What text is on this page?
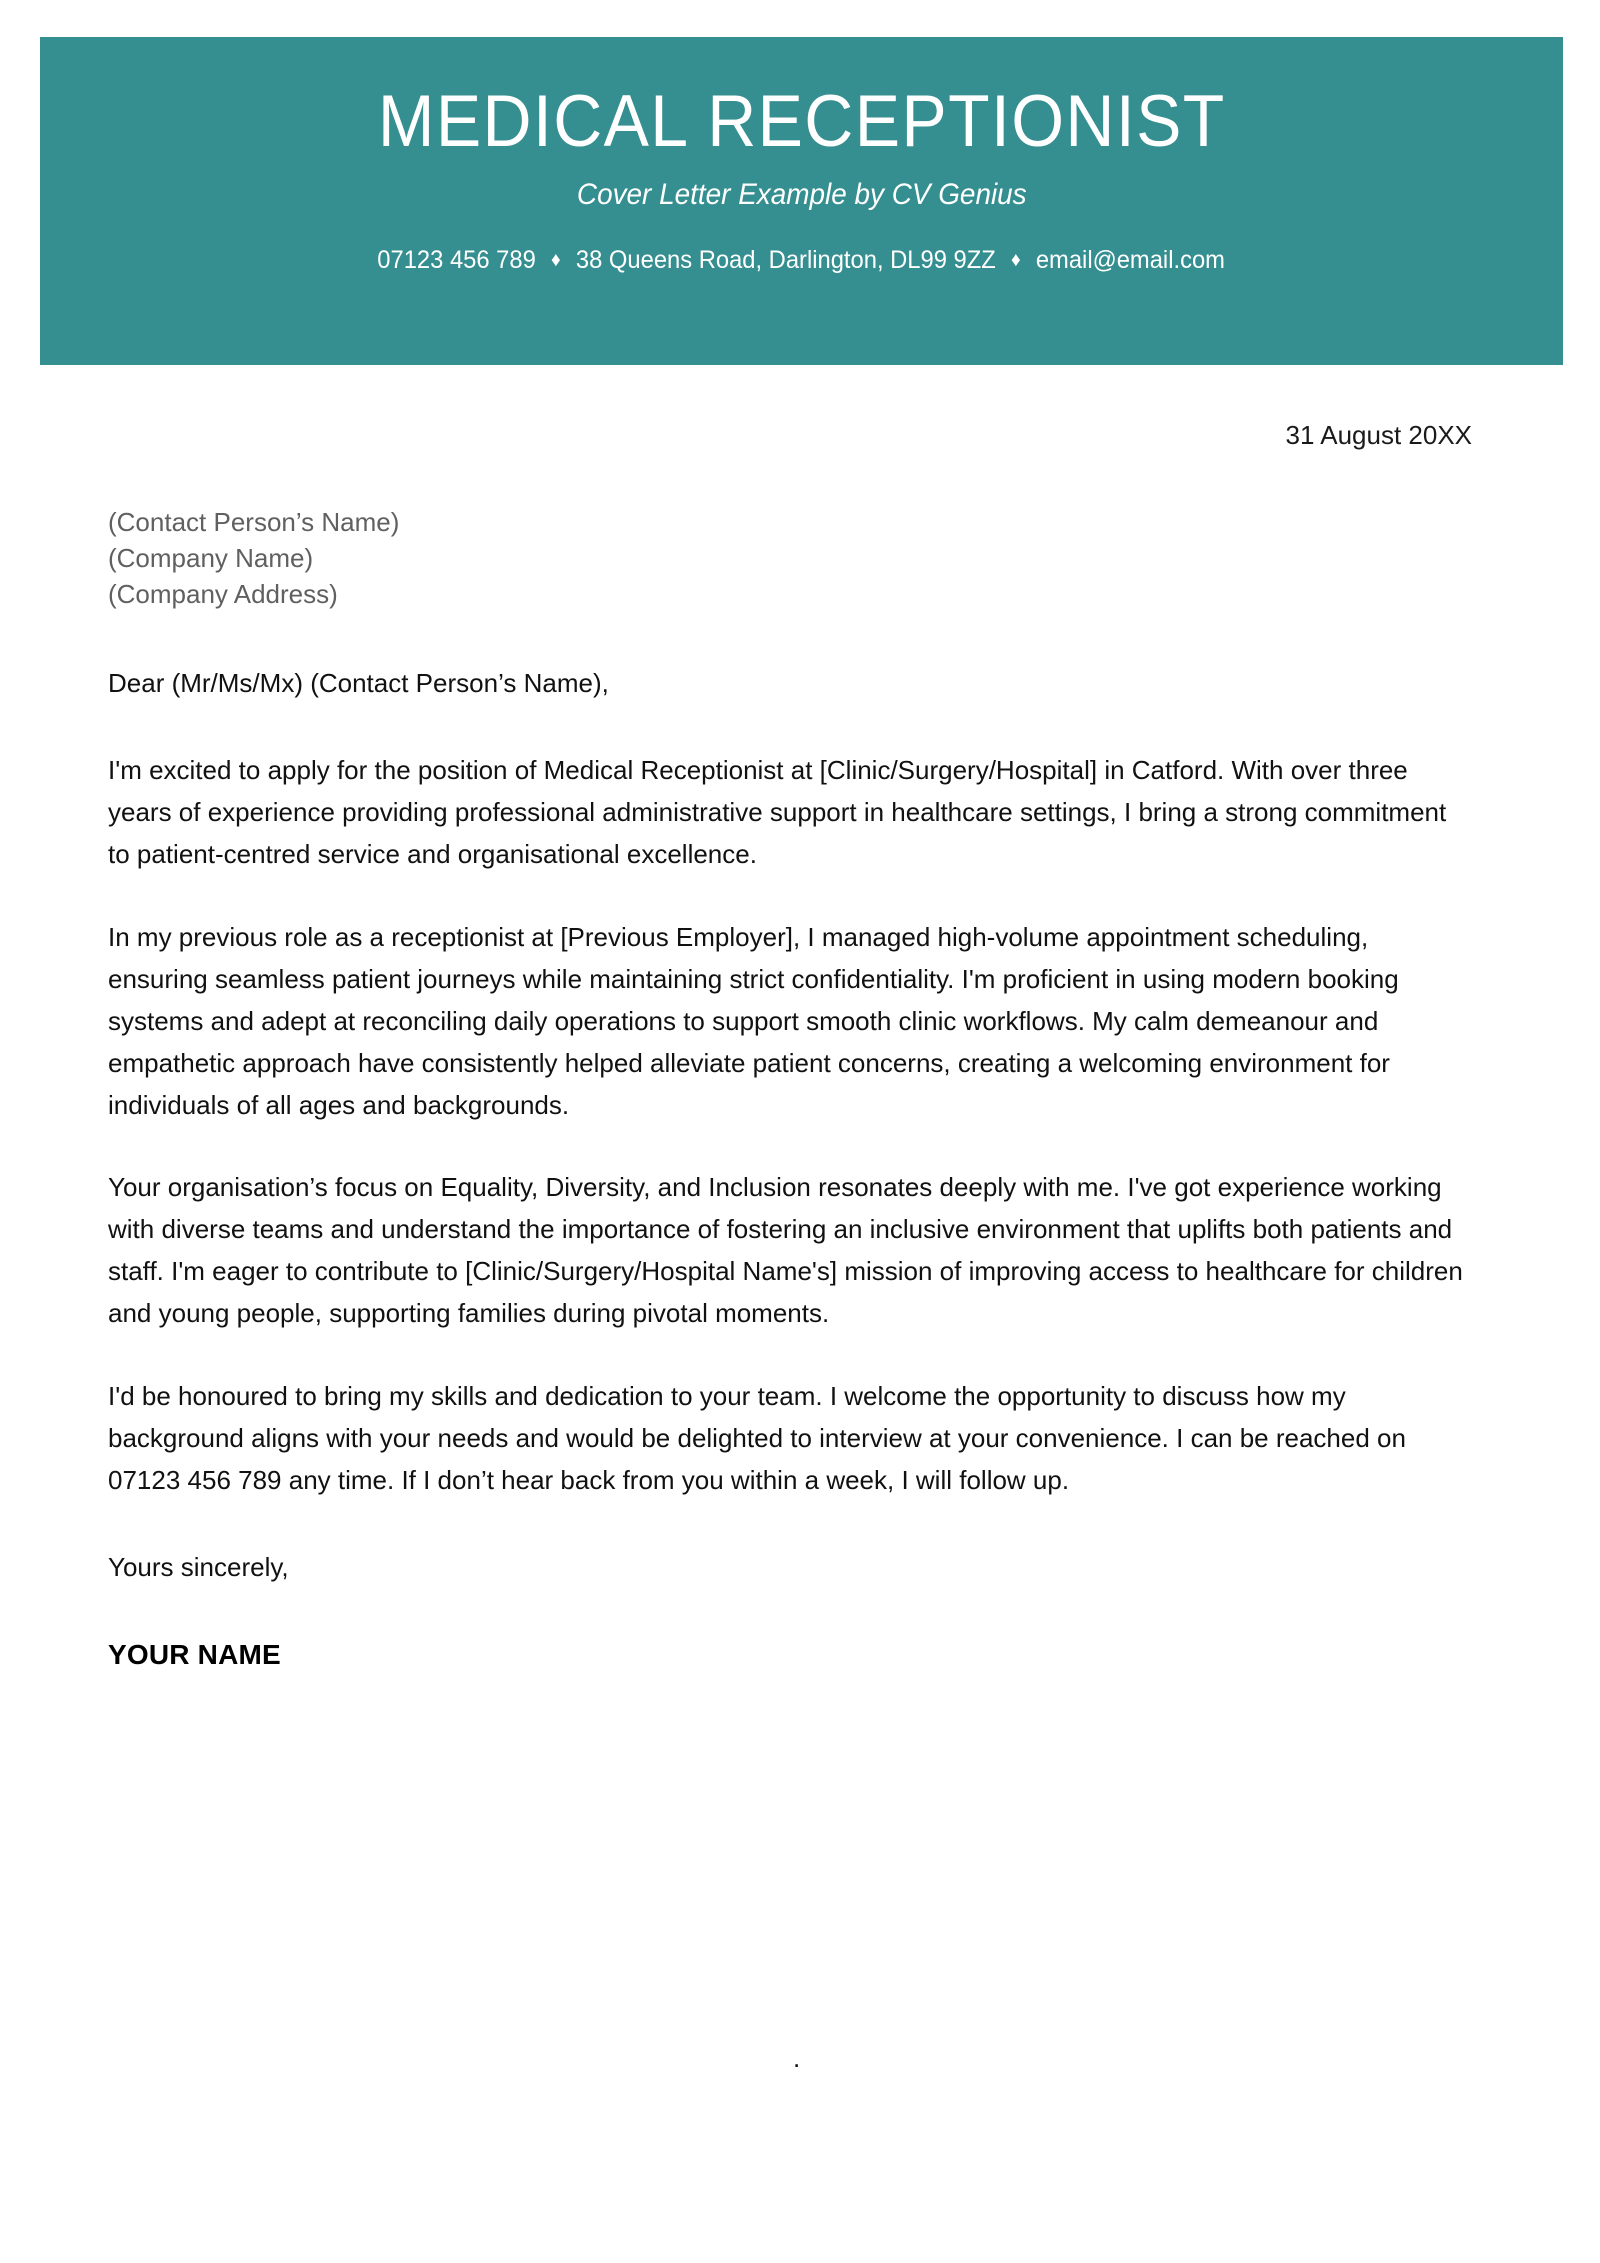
MEDICAL RECEPTIONIST
Cover Letter Example by CV Genius
07123 456 789 ♦ 38 Queens Road, Darlington, DL99 9ZZ ♦ email@email.com
31 August 20XX
(Contact Person’s Name)
(Company Name)
(Company Address)
Dear (Mr/Ms/Mx) (Contact Person’s Name),

I'm excited to apply for the position of Medical Receptionist at [Clinic/Surgery/Hospital] in Catford. With over three years of experience providing professional administrative support in healthcare settings, I bring a strong commitment to patient-centred service and organisational excellence.

In my previous role as a receptionist at [Previous Employer], I managed high-volume appointment scheduling, ensuring seamless patient journeys while maintaining strict confidentiality. I'm proficient in using modern booking systems and adept at reconciling daily operations to support smooth clinic workflows. My calm demeanour and empathetic approach have consistently helped alleviate patient concerns, creating a welcoming environment for individuals of all ages and backgrounds.

Your organisation’s focus on Equality, Diversity, and Inclusion resonates deeply with me. I've got experience working with diverse teams and understand the importance of fostering an inclusive environment that uplifts both patients and staff. I'm eager to contribute to [Clinic/Surgery/Hospital Name's] mission of improving access to healthcare for children and young people, supporting families during pivotal moments.

I'd be honoured to bring my skills and dedication to your team. I welcome the opportunity to discuss how my background aligns with your needs and would be delighted to interview at your convenience. I can be reached on 07123 456 789 any time. If I don’t hear back from you within a week, I will follow up.

Yours sincerely,
YOUR NAME
.
